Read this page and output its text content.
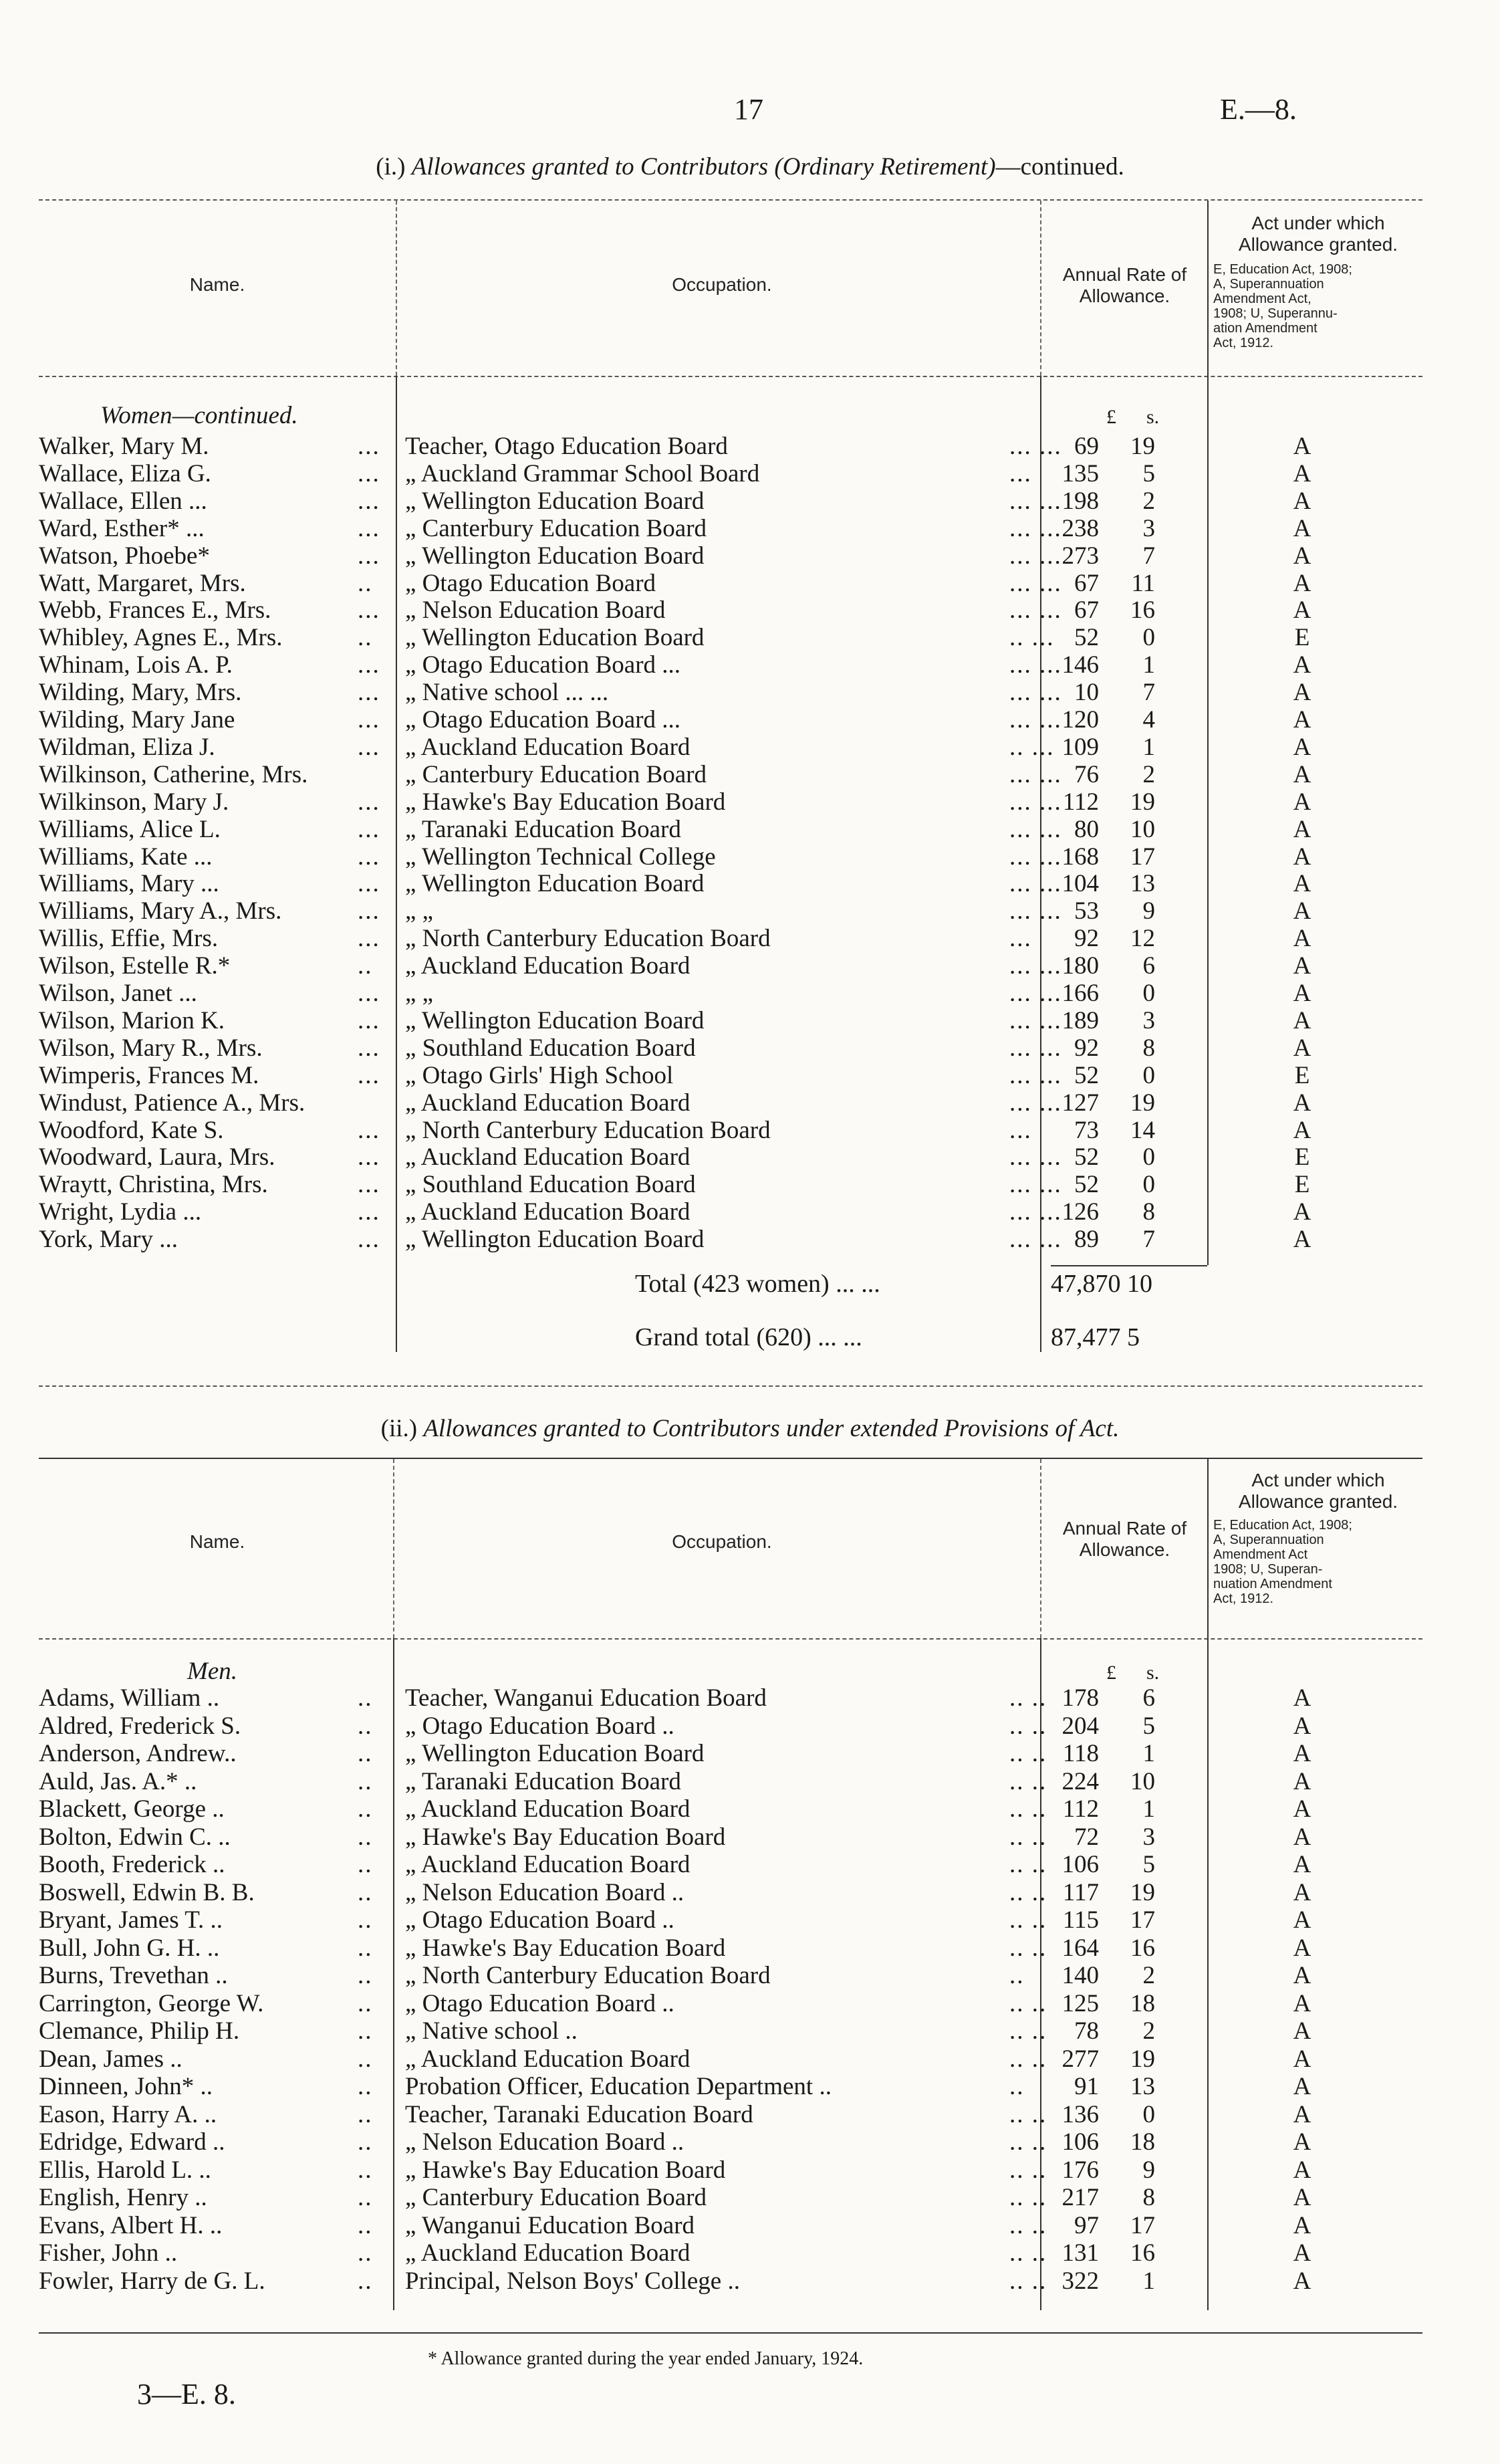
17	E.—8.
(i.) Allowances granted to Contributors (Ordinary Retirement)—continued.
Name.	Occupation.	Annual Rate of
Allowance.
Act under which
Allowance granted.
E, Education Act, 1908;
A, Superannuation
Amendment Act,
1908; U, Superannu-
ation Amendment
Act, 1912.
Women—continued.	£ s.
Walker, Mary M.	... Teacher, Otago Education Board	... ... 69	19	A
Wallace, Eliza G.	... „ Auckland Grammar School Board	...	135	5	A
Wallace, Ellen ...	... „ Wellington Education Board	... ... 198	2	A
Ward, Esther* ...	... „ Canterbury Education Board	... ... 238	3	A
Watson, Phoebe*	... „ Wellington Education Board	... ... 273	7	A
Watt, Margaret, Mrs.	.. „ Otago Education Board	... ... 67	11	A
Webb, Frances E., Mrs.	... „ Nelson Education Board	... ... 67	16	A
Whibley, Agnes E., Mrs.	.. „ Wellington Education Board	.. ... 52	0	E
Whinam, Lois A. P.	... „ Otago Education Board ...	... ... 146	1	A
Wilding, Mary, Mrs.	... „ Native school ... ...	... ... 10	7	A
Wilding, Mary Jane	... „ Otago Education Board ...	... ... 120	4	A
Wildman, Eliza J.	... „ Auckland Education Board	.. ... 109	1	A
Wilkinson, Catherine, Mrs.	„ Canterbury Education Board	... ... 76	2	A
Wilkinson, Mary J.	... „ Hawke's Bay Education Board	... ... 112	19	A
Williams, Alice L.	... „ Taranaki Education Board	... ... 80	10	A
Williams, Kate ...	... „ Wellington Technical College	... ... 168	17	A
Williams, Mary ...	... „ Wellington Education Board	... ... 104	13	A
Williams, Mary A., Mrs.	... „ „	... ... 53	9	A
Willis, Effie, Mrs.	... „ North Canterbury Education Board	...	92	12	A
Wilson, Estelle R.*	.. „ Auckland Education Board	... ... 180	6	A
Wilson, Janet ...	... „ „	... ... 166	0	A
Wilson, Marion K.	... „ Wellington Education Board	... ... 189	3	A
Wilson, Mary R., Mrs.	... „ Southland Education Board	... ... 92	8	A
Wimperis, Frances M.	... „ Otago Girls' High School	... ... 52	0	E
Windust, Patience A., Mrs.	„ Auckland Education Board	... ... 127	19	A
Woodford, Kate S.	... „ North Canterbury Education Board	...	73	14	A
Woodward, Laura, Mrs.	... „ Auckland Education Board	... ... 52	0	E
Wraytt, Christina, Mrs.	... „ Southland Education Board	... ... 52	0	E
Wright, Lydia ...	... „ Auckland Education Board	... ... 126	8	A
York, Mary ...	... „ Wellington Education Board	... ... 89	7	A
Total (423 women) ... ...	47,870 10
Grand total (620) ... ...	87,477 5
(ii.) Allowances granted to Contributors under extended Provisions of Act.
Name.	Occupation.
Annual Rate of
Allowance.
Act under which
Allowance granted.
E, Education Act, 1908;
A, Superannuation
Amendment Act
1908; U, Superan-
nuation Amendment
Act, 1912.
Men.	£ s.
Adams, William ..	.. Teacher, Wanganui Education Board	.. .. 178	6	A
Aldred, Frederick S.	.. „ Otago Education Board ..	.. .. 204	5	A
Anderson, Andrew..	.. „ Wellington Education Board	.. .. 118	1	A
Auld, Jas. A.* ..	.. „ Taranaki Education Board	.. .. 224	10	A
Blackett, George ..	.. „ Auckland Education Board	.. .. 112	1	A
Bolton, Edwin C. ..	.. „ Hawke's Bay Education Board	.. ..	72	3	A
Booth, Frederick ..	.. „ Auckland Education Board	.. .. 106	5	A
Boswell, Edwin B. B.	.. „ Nelson Education Board ..	.. .. 117	19	A
Bryant, James T. ..	.. „ Otago Education Board ..	.. .. 115	17	A
Bull, John G. H. ..	.. „ Hawke's Bay Education Board	.. .. 164	16	A
Burns, Trevethan ..	.. „ North Canterbury Education Board	..	140	2	A
Carrington, George W.	.. „ Otago Education Board ..	.. .. 125	18	A
Clemance, Philip H.	.. „ Native school ..	.. ..	78	2	A
Dean, James ..	.. „ Auckland Education Board	.. .. 277	19	A
Dinneen, John* ..	.. Probation Officer, Education Department ..	..	91	13	A
Eason, Harry A. ..	.. Teacher, Taranaki Education Board	.. .. 136	0	A
Edridge, Edward ..	.. „ Nelson Education Board ..	.. .. 106	18	A
Ellis, Harold L. ..	.. „ Hawke's Bay Education Board	.. .. 176	9	A
English, Henry ..	.. „ Canterbury Education Board	.. .. 217	8	A
Evans, Albert H. ..	.. „ Wanganui Education Board	.. ..	97	17	A
Fisher, John ..	.. „ Auckland Education Board	.. .. 131	16	A
Fowler, Harry de G. L.	.. Principal, Nelson Boys' College ..	.. .. 322	1	A
* Allowance granted during the year ended January, 1924.
3—E. 8.
